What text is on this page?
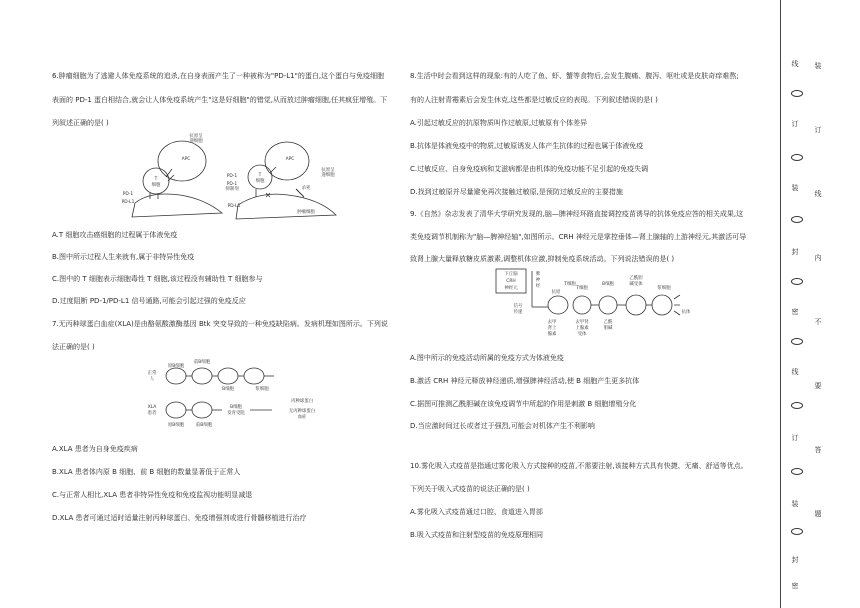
6.肿瘤细胞为了逃避人体免疫系统的追杀,在自身表面产生了一种被称为"PD-L1"的蛋白,这个蛋白与免疫细胞
表面的 PD-1 蛋白相结合,就会让人体免疫系统产生"这是好细胞"的错觉,从而放过肿瘤细胞,任其疯狂增殖。下
列叙述正确的是( )
APC
T
细胞
抗原呈
递细胞
PD-1
PD-L1
APC
T
细胞
抗原呈
递细胞
PD-1
PD-1
抑制剂	杀死
PD-L1
肿瘤细胞
A.T 细胞攻击癌细胞的过程属于体液免疫
B.图中所示过程人生来就有,属于非特异性免疫
C.图中的 T 细胞表示细胞毒性 T 细胞,该过程没有辅助性 T 细胞参与
D.过度阻断 PD-1/PD-L1 信号通路,可能会引起过强的免疫反应
7.无丙种球蛋白血症(XLA)是由酪氨酸激酶基因 Btk 突变导致的一种免疫缺陷病。发病机理如图所示。下列说
法正确的是( )
前B细胞
原B细胞
正常
人
B细胞	浆细胞
丙种球蛋白
XLA
患者
原B细胞	前B细胞
B细胞
发育受阻	无丙种球蛋白
血症
A.XLA 患者为自身免疫疾病
B.XLA 患者体内原 B 细胞、前 B 细胞的数量显著低于正常人
C.与正常人相比,XLA 患者非特异性免疫和免疫监视功能明显减退
D.XLA 患者可通过适时适量注射丙种球蛋白、免疫增强剂或进行骨髓移植进行治疗
8.生活中时会看到这样的现象:有的人吃了鱼、虾、蟹等食物后,会发生腹痛、腹泻、呕吐或是皮肤奇痒难熬;
有的人注射青霉素后会发生休克,这些都是过敏反应的表现。下列叙述错误的是( )
A.引起过敏反应的抗原物质叫作过敏原,过敏原有个体差异
B.抗体是体液免疫中的物质,过敏原诱发人体产生抗体的过程也属于体液免疫
C.过敏反应、自身免疫病和艾滋病都是由机体的免疫功能不足引起的免疫失调
D.找到过敏原并尽量避免再次接触过敏原,是预防过敏反应的主要措施
9.《自然》杂志发表了清华大学研究发现的,脑—脾神经环路直接调控疫苗诱导的抗体免疫应答的相关成果,这
类免疫调节机制称为"脑—脾神经轴",如图所示。CRH 神经元是掌控垂体—肾上腺轴的上游神经元,其激活可导
致肾上腺大量释放糖皮质激素,调整机体应激,抑制免疫系统活动。下列说法错误的是( )
下丘脑
CRH
神经元
脾
神
经
信号
传递
抗原
T细胞	B细胞
T细胞
乙酰胆
碱受体
浆细胞
抗体
去甲
肾上
腺素
去甲肾
上腺素
受体
乙酰
胆碱
A.图中所示的免疫活动所属的免疫方式为体液免疫
B.激活 CRH 神经元释放神经递质,增强脾神经活动,使 B 细胞产生更多抗体
C.据图可推测乙酰胆碱在该免疫调节中所起的作用是刺激 B 细胞增殖分化
D.当应激时间过长或者过于强烈,可能会对机体产生不利影响
10.雾化吸入式疫苗是指通过雾化吸入方式接种的疫苗,不需要注射,该接种方式具有快捷、无痛、舒适等优点。
下列关于吸入式疫苗的说法正确的是( )
A.雾化吸入式疫苗通过口腔、食道进入胃部
B.吸入式疫苗和注射型疫苗的免疫原理相同
线
订
装
封
密
线
订
装
封
密
装
订
线
内
不
要
答
题
